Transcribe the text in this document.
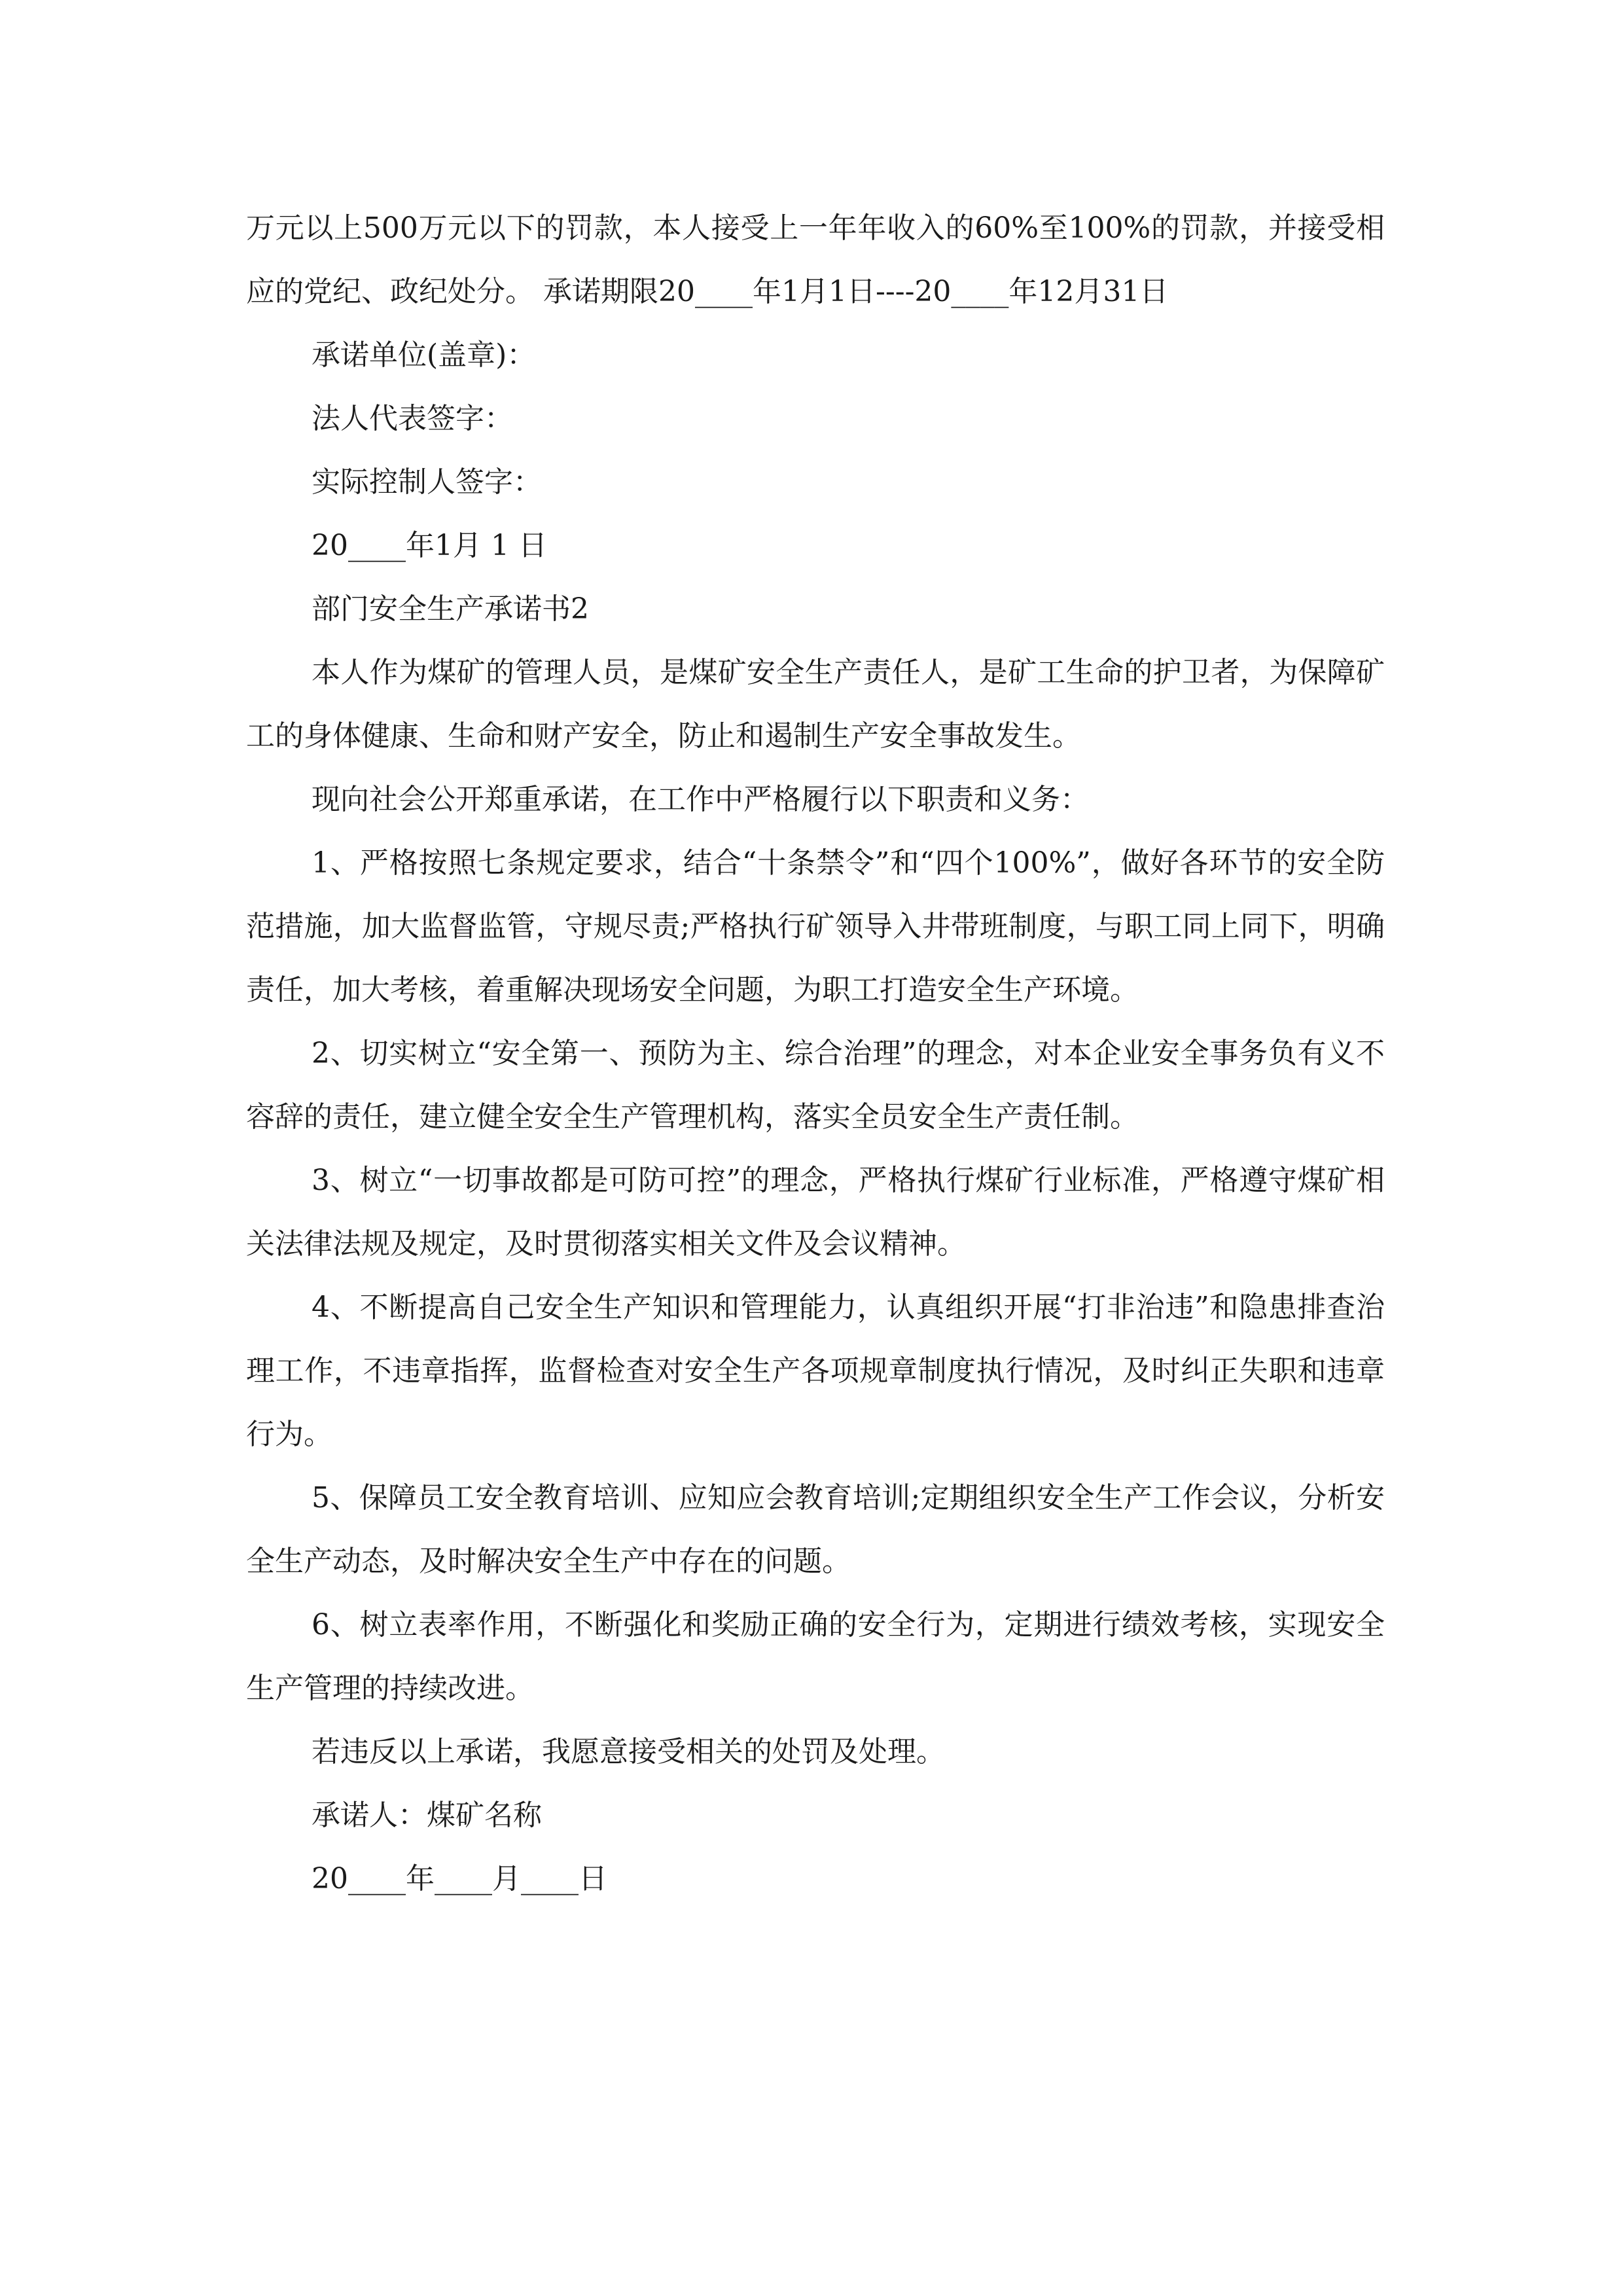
万元以上500万元以下的罚款，本人接受上一年年收入的60%至100%的罚款，并接受相应的党纪、政纪处分。 承诺期限20____年1月1日----20____年12月31日

承诺单位(盖章)：

法人代表签字：

实际控制人签字：

20____年1月 1 日

部门安全生产承诺书2

本人作为煤矿的管理人员，是煤矿安全生产责任人，是矿工生命的护卫者，为保障矿工的身体健康、生命和财产安全，防止和遏制生产安全事故发生。

现向社会公开郑重承诺，在工作中严格履行以下职责和义务：

1、严格按照七条规定要求，结合“十条禁令”和“四个100%”，做好各环节的安全防范措施，加大监督监管，守规尽责;严格执行矿领导入井带班制度，与职工同上同下，明确责任，加大考核，着重解决现场安全问题，为职工打造安全生产环境。

2、切实树立“安全第一、预防为主、综合治理”的理念，对本企业安全事务负有义不容辞的责任，建立健全安全生产管理机构，落实全员安全生产责任制。

3、树立“一切事故都是可防可控”的理念，严格执行煤矿行业标准，严格遵守煤矿相关法律法规及规定，及时贯彻落实相关文件及会议精神。

4、不断提高自己安全生产知识和管理能力，认真组织开展“打非治违”和隐患排查治理工作，不违章指挥，监督检查对安全生产各项规章制度执行情况，及时纠正失职和违章行为。

5、保障员工安全教育培训、应知应会教育培训;定期组织安全生产工作会议，分析安全生产动态，及时解决安全生产中存在的问题。

6、树立表率作用，不断强化和奖励正确的安全行为，定期进行绩效考核，实现安全生产管理的持续改进。

若违反以上承诺，我愿意接受相关的处罚及处理。

承诺人：煤矿名称

20____年____月____日
